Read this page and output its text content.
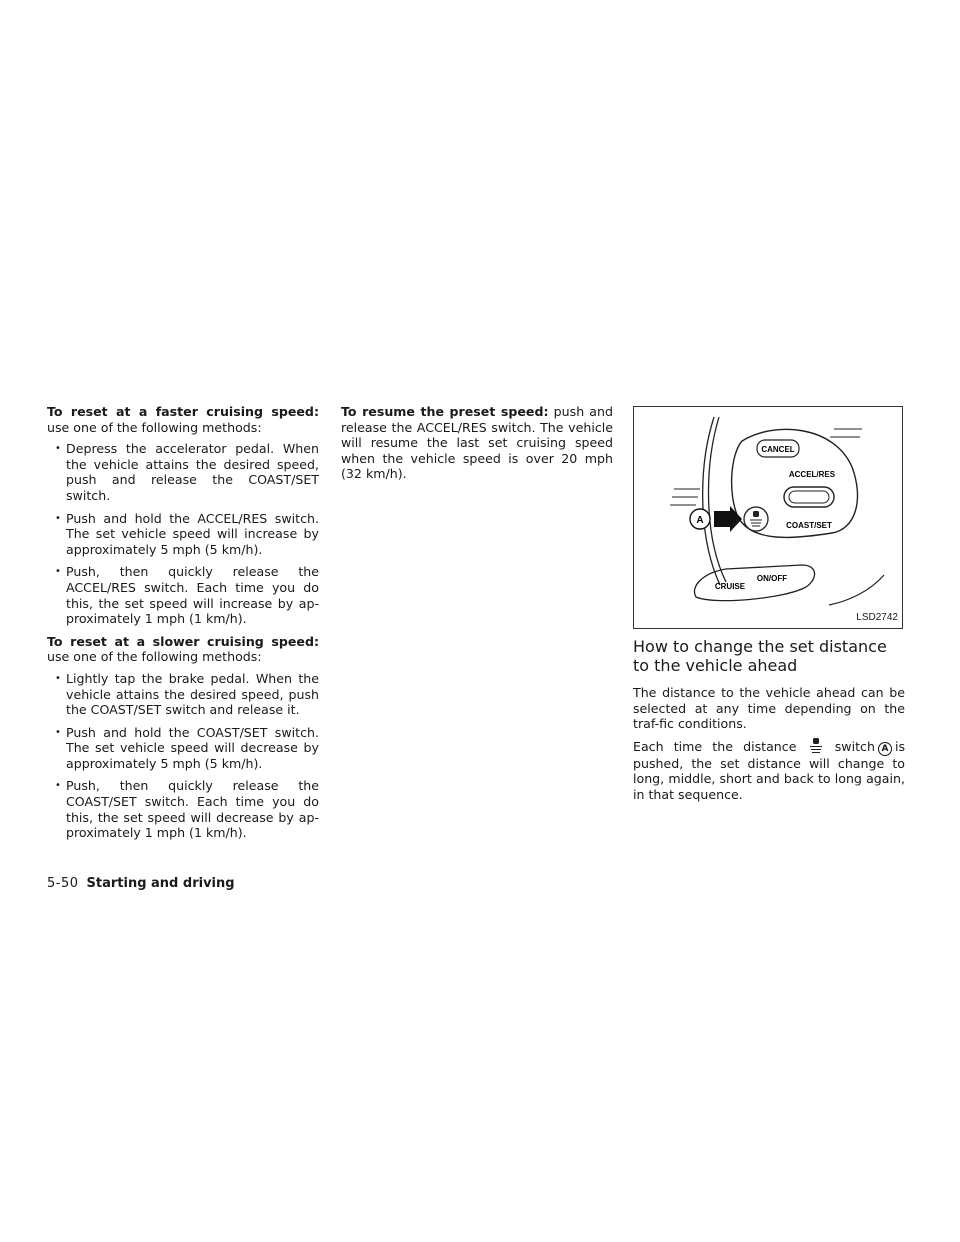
To reset at a faster cruising speed: use one of the following methods:

• Depress the accelerator pedal. When the vehicle attains the desired speed, push and release the COAST/SET switch.
• Push and hold the ACCEL/RES switch. The set vehicle speed will increase by approximately 5 mph (5 km/h).
• Push, then quickly release the ACCEL/RES switch. Each time you do this, the set speed will increase by ap-proximately 1 mph (1 km/h).

To reset at a slower cruising speed: use one of the following methods:

• Lightly tap the brake pedal. When the vehicle attains the desired speed, push the COAST/SET switch and release it.
• Push and hold the COAST/SET switch. The set vehicle speed will decrease by approximately 5 mph (5 km/h).
• Push, then quickly release the COAST/SET switch. Each time you do this, the set speed will decrease by ap-proximately 1 mph (1 km/h).

To resume the preset speed: push and release the ACCEL/RES switch. The vehicle will resume the last set cruising speed when the vehicle speed is over 20 mph (32 km/h).

CANCEL
ACCEL/RES
COAST/SET
A
CRUISE
ON/OFF
LSD2742
How to change the set distance to the vehicle ahead

The distance to the vehicle ahead can be selected at any time depending on the traf-fic conditions.

Each time the distance	switch A is pushed, the set distance will change to long, middle, short and back to long again, in that sequence.

5-50 Starting and driving
